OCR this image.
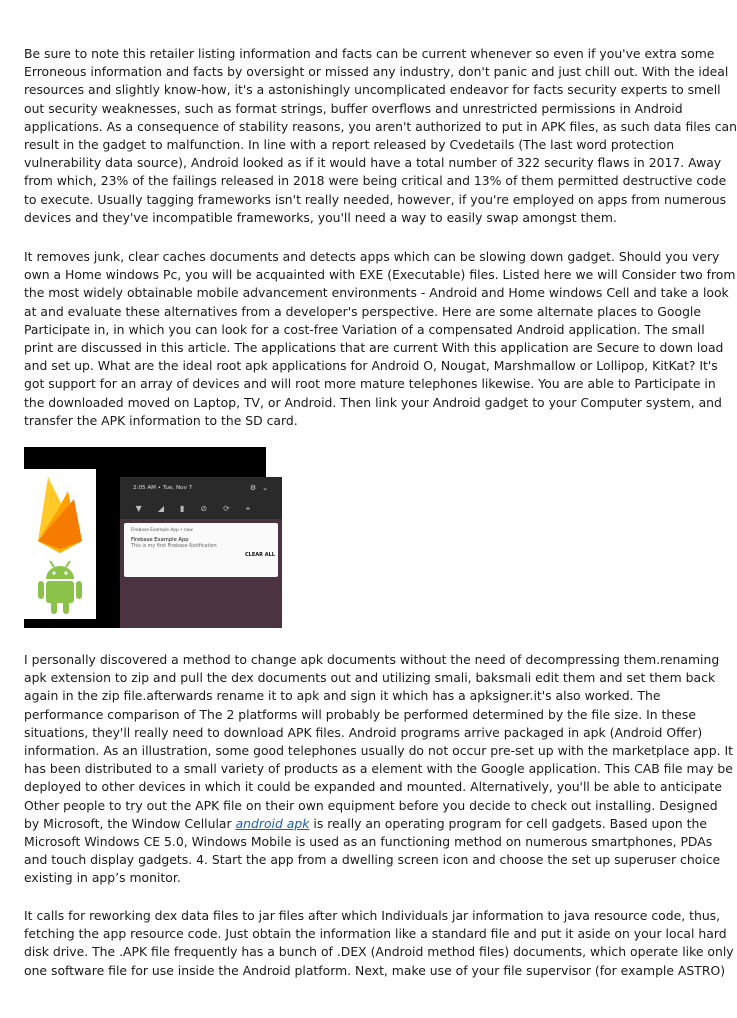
Be sure to note this retailer listing information and facts can be current whenever so even if you've extra some
Erroneous information and facts by oversight or missed any industry, don't panic and just chill out. With the ideal
resources and slightly know-how, it's a astonishingly uncomplicated endeavor for facts security experts to smell
out security weaknesses, such as format strings, buffer overflows and unrestricted permissions in Android
applications. As a consequence of stability reasons, you aren't authorized to put in APK files, as such data files can
result in the gadget to malfunction. In line with a report released by Cvedetails (The last word protection
vulnerability data source), Android looked as if it would have a total number of 322 security flaws in 2017. Away
from which, 23% of the failings released in 2018 were being critical and 13% of them permitted destructive code
to execute. Usually tagging frameworks isn't really needed, however, if you're employed on apps from numerous
devices and they've incompatible frameworks, you'll need a way to easily swap amongst them.

It removes junk, clear caches documents and detects apps which can be slowing down gadget. Should you very
own a Home windows Pc, you will be acquainted with EXE (Executable) files. Listed here we will Consider two from
the most widely obtainable mobile advancement environments - Android and Home windows Cell and take a look
at and evaluate these alternatives from a developer's perspective. Here are some alternate places to Google
Participate in, in which you can look for a cost-free Variation of a compensated Android application. The small
print are discussed in this article. The applications that are current With this application are Secure to down load
and set up. What are the ideal root apk applications for Android O, Nougat, Marshmallow or Lollipop, KitKat? It's
got support for an array of devices and will root more mature telephones likewise. You are able to Participate in
the downloaded moved on Laptop, TV, or Android. Then link your Android gadget to your Computer system, and
transfer the APK information to the SD card.

2:05 AM • Tue, Nov 7	⚙⌄
▼◢▮⊘⟳⌖
Firebase Example App • now
Firebase Example App
This is my first Firebase Notification
CLEAR ALL

I personally discovered a method to change apk documents without the need of decompressing them.renaming
apk extension to zip and pull the dex documents out and utilizing smali, baksmali edit them and set them back
again in the zip file.afterwards rename it to apk and sign it which has a apksigner.it's also worked. The
performance comparison of The 2 platforms will probably be performed determined by the file size. In these
situations, they'll really need to download APK files. Android programs arrive packaged in apk (Android Offer)
information. As an illustration, some good telephones usually do not occur pre-set up with the marketplace app. It
has been distributed to a small variety of products as a element with the Google application. This CAB file may be
deployed to other devices in which it could be expanded and mounted. Alternatively, you'll be able to anticipate
Other people to try out the APK file on their own equipment before you decide to check out installing. Designed
by Microsoft, the Window Cellular android apk is really an operating program for cell gadgets. Based upon the
Microsoft Windows CE 5.0, Windows Mobile is used as an functioning method on numerous smartphones, PDAs
and touch display gadgets. 4. Start the app from a dwelling screen icon and choose the set up superuser choice
existing in app’s monitor.

It calls for reworking dex data files to jar files after which Individuals jar information to java resource code, thus,
fetching the app resource code. Just obtain the information like a standard file and put it aside on your local hard
disk drive. The .APK file frequently has a bunch of .DEX (Android method files) documents, which operate like only
one software file for use inside the Android platform. Next, make use of your file supervisor (for example ASTRO)
